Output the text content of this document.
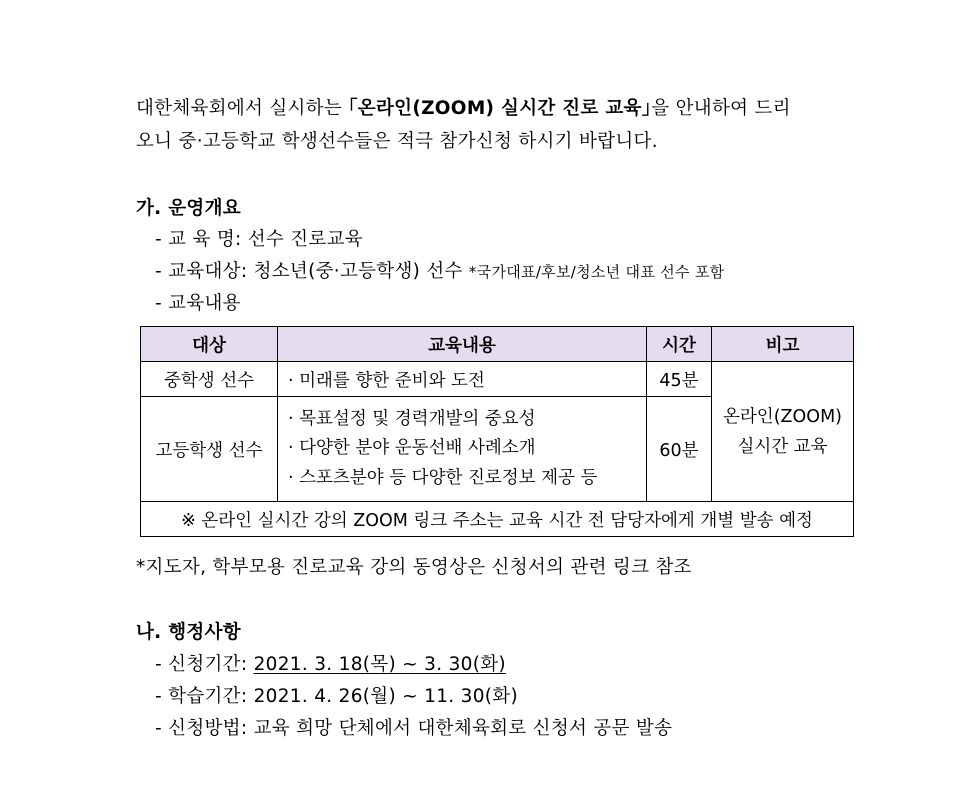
대한체육회에서 실시하는 ｢온라인(ZOOM) 실시간 진로 교육｣을 안내하여 드리
오니 중·고등학교 학생선수들은 적극 참가신청 하시기 바랍니다.
가. 운영개요
- 교 육 명: 선수 진로교육
- 교육대상: 청소년(중·고등학생) 선수 *국가대표/후보/청소년 대표 선수 포함
- 교육내용
대상	교육내용	시간	비고
중학생 선수	· 미래를 향한 준비와 도전	45분	온라인(ZOOM)
실시간 교육

고등학생 선수	· 목표설정 및 경력개발의 중요성
· 다양한 분야 운동선배 사례소개
· 스포츠분야 등 다양한 진로정보 제공 등	60분	
※ 온라인 실시간 강의 ZOOM 링크 주소는 교육 시간 전 담당자에게 개별 발송 예정			
*지도자, 학부모용 진로교육 강의 동영상은 신청서의 관련 링크 참조
나. 행정사항
- 신청기간: 2021. 3. 18(목) ~ 3. 30(화)
- 학습기간: 2021. 4. 26(월) ~ 11. 30(화)
- 신청방법: 교육 희망 단체에서 대한체육회로 신청서 공문 발송
